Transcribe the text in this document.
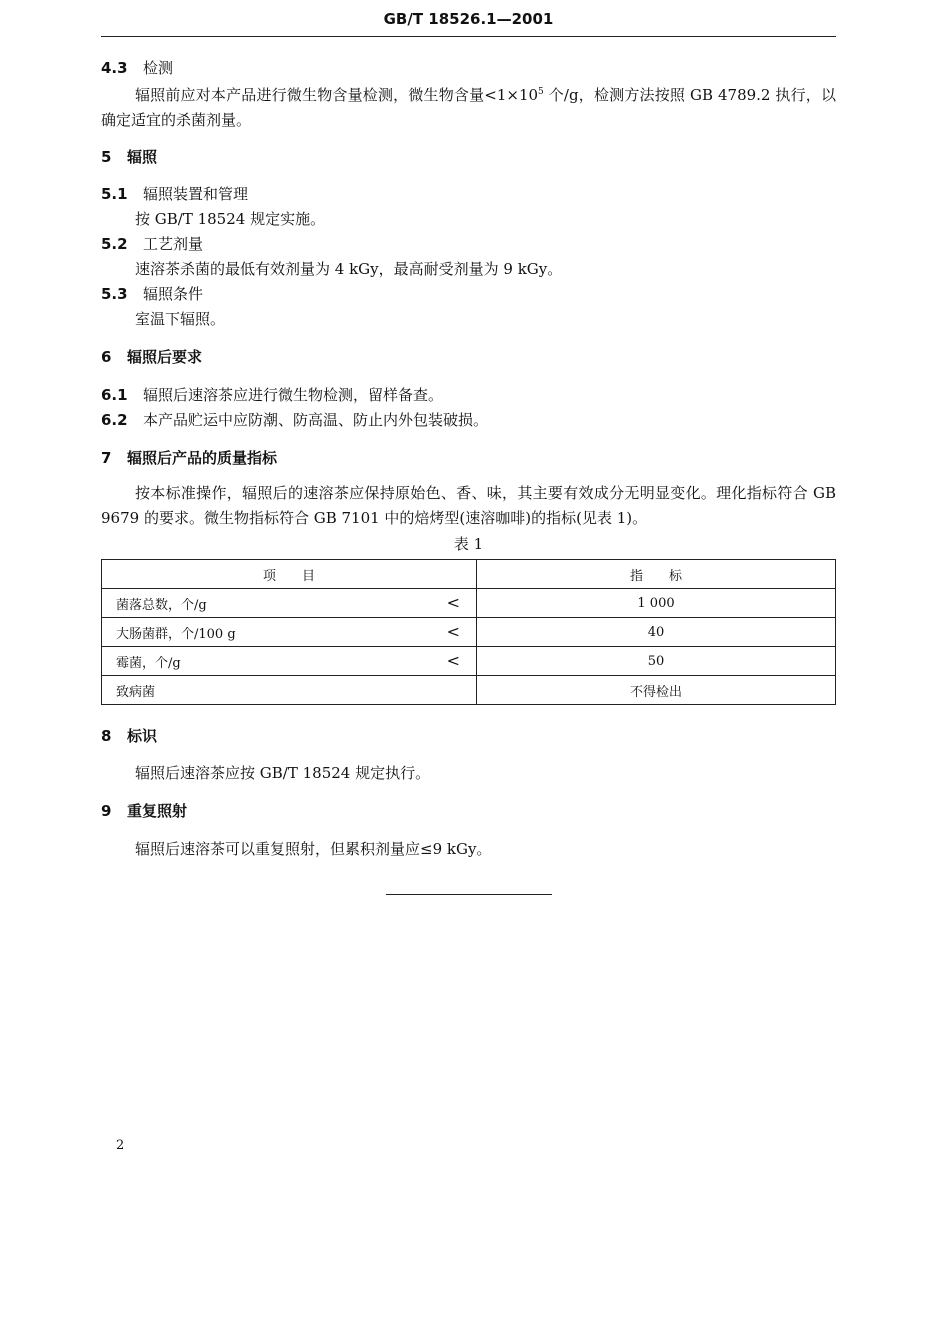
GB/T 18526.1—2001
4.3 检测
辐照前应对本产品进行微生物含量检测，微生物含量$<1\times 10^5$ 个/g，检测方法按照 GB 4789.2 执行，以确定适宜的杀菌剂量。
5 辐照
5.1 辐照装置和管理
按 GB/T 18524 规定实施。
5.2 工艺剂量
速溶茶杀菌的最低有效剂量为 4 kGy，最高耐受剂量为 9 kGy。
5.3 辐照条件
室温下辐照。
6 辐照后要求
6.1 辐照后速溶茶应进行微生物检测，留样备查。
6.2 本产品贮运中应防潮、防高温、防止内外包装破损。
7 辐照后产品的质量指标
按本标准操作，辐照后的速溶茶应保持原始色、香、味，其主要有效成分无明显变化。理化指标符合 GB 9679 的要求。微生物指标符合 GB 7101 中的焙烤型(速溶咖啡)的指标(见表 1)。
表 1
项　　目	指　　标
菌落总数，个/g <	1 000
大肠菌群，个/100 g <	40
霉菌，个/g <	50
致病菌	不得检出
8 标识
辐照后速溶茶应按 GB/T 18524 规定执行。
9 重复照射
辐照后速溶茶可以重复照射，但累积剂量应≤9 kGy。
2
